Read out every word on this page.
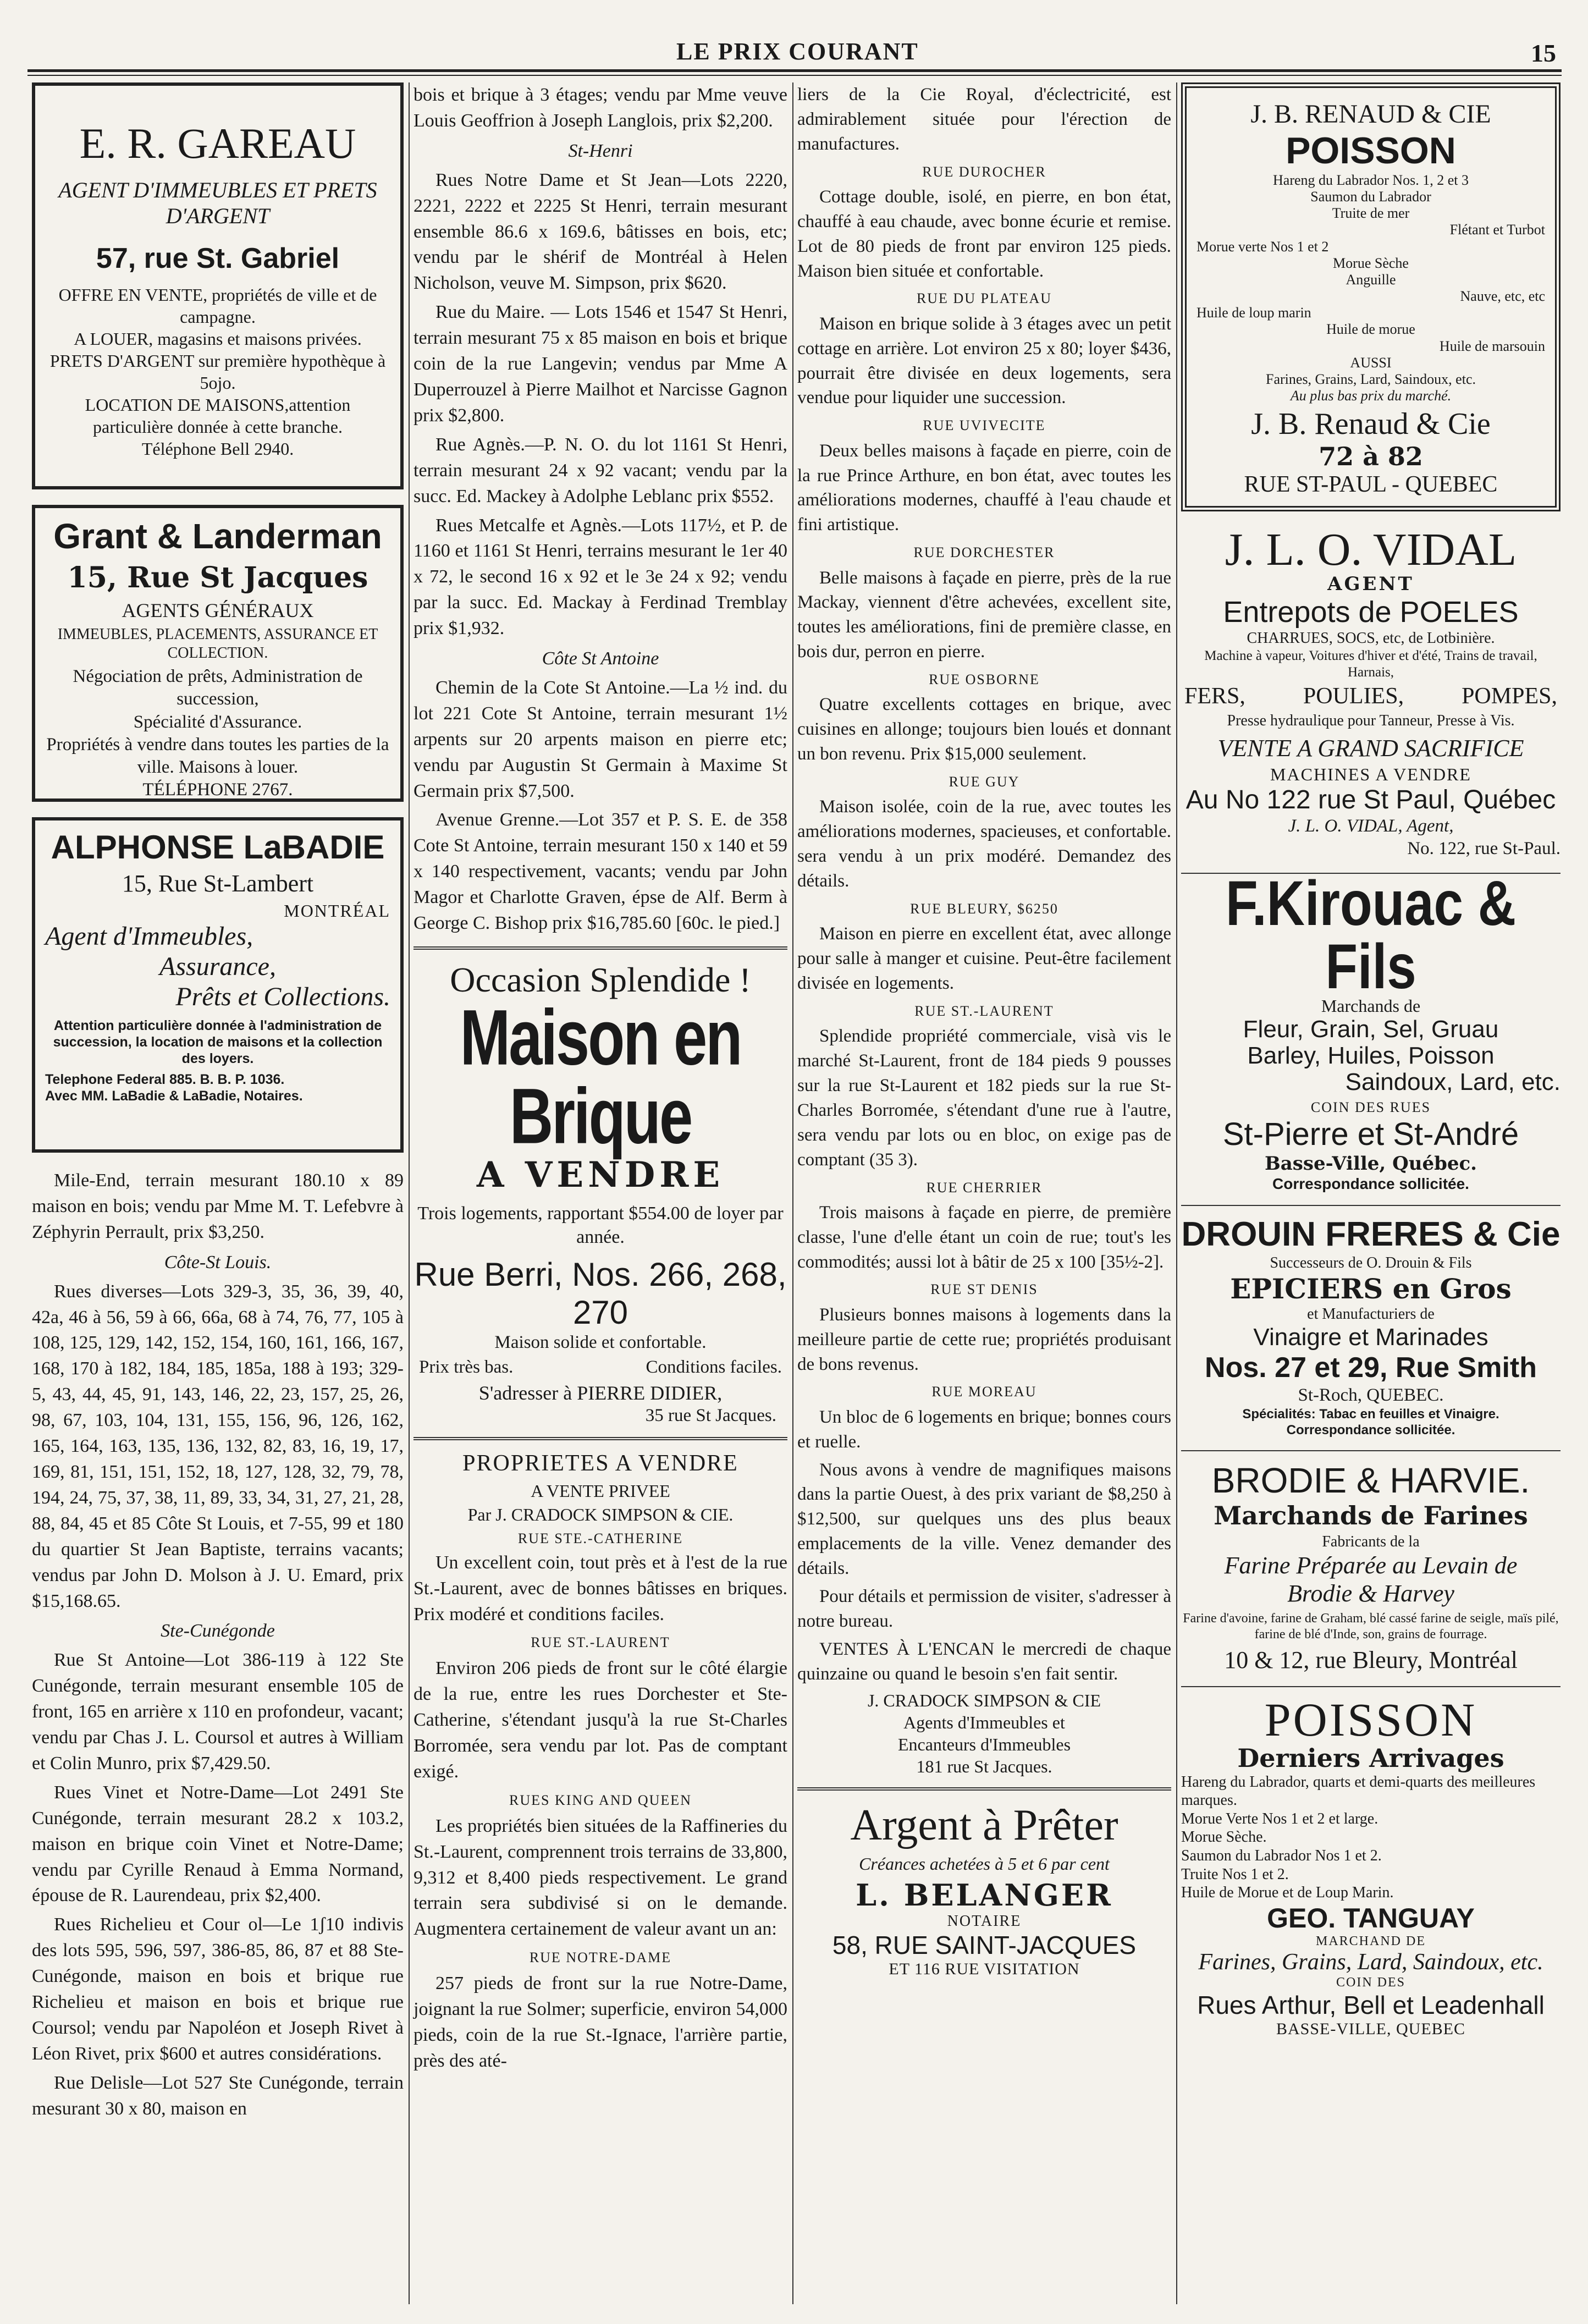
LE PRIX COURANT	15
E. R. GAREAU
AGENT D'IMMEUBLES ET PRETS D'ARGENT
57, rue St. Gabriel
OFFRE EN VENTE, propriétés de ville et de campagne.
A LOUER, magasins et maisons privées.
PRETS D'ARGENT sur première hypothèque à 5ojo.
LOCATION DE MAISONS,attention particulière donnée à cette branche.
Téléphone Bell 2940.
Grant & Landerman
15, Rue St Jacques
AGENTS GÉNÉRAUX
IMMEUBLES, PLACEMENTS, ASSURANCE ET COLLECTION.
Négociation de prêts, Administration de succession,
Spécialité d'Assurance.
Propriétés à vendre dans toutes les parties de la ville. Maisons à louer.
TÉLÉPHONE 2767.
ALPHONSE LaBADIE
15, Rue St-Lambert
MONTRÉAL
Agent d'Immeubles,
Assurance,
Prêts et Collections.
Attention particulière donnée à l'administration de succession, la location de maisons et la collection des loyers.
Telephone Federal 885. B. B. P. 1036.
Avec MM. LaBadie & LaBadie, Notaires.

Mile-End, terrain mesurant 180.10 x 89 maison en bois; vendu par Mme M. T. Lefebvre à Zéphyrin Perrault, prix $3,250.

Côte-St Louis.

Rues diverses—Lots 329-3, 35, 36, 39, 40, 42a, 46 à 56, 59 à 66, 66a, 68 à 74, 76, 77, 105 à 108, 125, 129, 142, 152, 154, 160, 161, 166, 167, 168, 170 à 182, 184, 185, 185a, 188 à 193; 329-5, 43, 44, 45, 91, 143, 146, 22, 23, 157, 25, 26, 98, 67, 103, 104, 131, 155, 156, 96, 126, 162, 165, 164, 163, 135, 136, 132, 82, 83, 16, 19, 17, 169, 81, 151, 151, 152, 18, 127, 128, 32, 79, 78, 194, 24, 75, 37, 38, 11, 89, 33, 34, 31, 27, 21, 28, 88, 84, 45 et 85 Côte St Louis, et 7-55, 99 et 180 du quartier St Jean Baptiste, terrains vacants; vendus par John D. Molson à J. U. Emard, prix $15,168.65.

Ste-Cunégonde

Rue St Antoine—Lot 386-119 à 122 Ste Cunégonde, terrain mesurant ensemble 105 de front, 165 en arrière x 110 en profondeur, vacant; vendu par Chas J. L. Coursol et autres à William et Colin Munro, prix $7,429.50.

Rues Vinet et Notre-Dame—Lot 2491 Ste Cunégonde, terrain mesurant 28.2 x 103.2, maison en brique coin Vinet et Notre-Dame; vendu par Cyrille Renaud à Emma Normand, épouse de R. Laurendeau, prix $2,400.

Rues Richelieu et Cour ol—Le 1ʃ10 indivis des lots 595, 596, 597, 386-85, 86, 87 et 88 Ste-Cunégonde, maison en bois et brique rue Richelieu et maison en bois et brique rue Coursol; vendu par Napoléon et Joseph Rivet à Léon Rivet, prix $600 et autres considérations.

Rue Delisle—Lot 527 Ste Cunégonde, terrain mesurant 30 x 80, maison en

bois et brique à 3 étages; vendu par Mme veuve Louis Geoffrion à Joseph Langlois, prix $2,200.

St-Henri

Rues Notre Dame et St Jean—Lots 2220, 2221, 2222 et 2225 St Henri, terrain mesurant ensemble 86.6 x 169.6, bâtisses en bois, etc; vendu par le shérif de Montréal à Helen Nicholson, veuve M. Simpson, prix $620.

Rue du Maire. — Lots 1546 et 1547 St Henri, terrain mesurant 75 x 85 maison en bois et brique coin de la rue Langevin; vendus par Mme A Duperrouzel à Pierre Mailhot et Narcisse Gagnon prix $2,800.

Rue Agnès.—P. N. O. du lot 1161 St Henri, terrain mesurant 24 x 92 vacant; vendu par la succ. Ed. Mackey à Adolphe Leblanc prix $552.

Rues Metcalfe et Agnès.—Lots 117½, et P. de 1160 et 1161 St Henri, terrains mesurant le 1er 40 x 72, le second 16 x 92 et le 3e 24 x 92; vendu par la succ. Ed. Mackay à Ferdinad Tremblay prix $1,932.

Côte St Antoine

Chemin de la Cote St Antoine.—La ½ ind. du lot 221 Cote St Antoine, terrain mesurant 1½ arpents sur 20 arpents maison en pierre etc; vendu par Augustin St Germain à Maxime St Germain prix $7,500.

Avenue Grenne.—Lot 357 et P. S. E. de 358 Cote St Antoine, terrain mesurant 150 x 140 et 59 x 140 respectivement, vacants; vendu par John Magor et Charlotte Graven, épse de Alf. Berm à George C. Bishop prix $16,785.60 [60c. le pied.]

Occasion Splendide !
Maison en Brique
A VENDRE
Trois logements, rapportant $554.00 de loyer par année.
Rue Berri, Nos. 266, 268, 270
Maison solide et confortable.
Prix très bas.	Conditions faciles.
S'adresser à PIERRE DIDIER,
35 rue St Jacques.
PROPRIETES A VENDRE
A VENTE PRIVEE
Par J. CRADOCK SIMPSON & CIE.
RUE STE.-CATHERINE

Un excellent coin, tout près et à l'est de la rue St.-Laurent, avec de bonnes bâtisses en briques. Prix modéré et conditions faciles.

RUE ST.-LAURENT

Environ 206 pieds de front sur le côté élargie de la rue, entre les rues Dorchester et Ste-Catherine, s'étendant jusqu'à la rue St-Charles Borromée, sera vendu par lot. Pas de comptant exigé.

RUES KING AND QUEEN

Les propriétés bien situées de la Raffineries du St.-Laurent, comprennent trois terrains de 33,800, 9,312 et 8,400 pieds respectivement. Le grand terrain sera subdivisé si on le demande. Augmentera certainement de valeur avant un an:

RUE NOTRE-DAME

257 pieds de front sur la rue Notre-Dame, joignant la rue Solmer; superficie, environ 54,000 pieds, coin de la rue St.-Ignace, l'arrière partie, près des até-

liers de la Cie Royal, d'éclectricité, est admirablement située pour l'érection de manufactures.

RUE DUROCHER

Cottage double, isolé, en pierre, en bon état, chauffé à eau chaude, avec bonne écurie et remise. Lot de 80 pieds de front par environ 125 pieds. Maison bien située et confortable.

RUE DU PLATEAU

Maison en brique solide à 3 étages avec un petit cottage en arrière. Lot environ 25 x 80; loyer $436, pourrait être divisée en deux logements, sera vendue pour liquider une succession.

RUE UVIVECITE

Deux belles maisons à façade en pierre, coin de la rue Prince Arthure, en bon état, avec toutes les améliorations modernes, chauffé à l'eau chaude et fini artistique.

RUE DORCHESTER

Belle maisons à façade en pierre, près de la rue Mackay, viennent d'être achevées, excellent site, toutes les améliorations, fini de première classe, en bois dur, perron en pierre.

RUE OSBORNE

Quatre excellents cottages en brique, avec cuisines en allonge; toujours bien loués et donnant un bon revenu. Prix $15,000 seulement.

RUE GUY

Maison isolée, coin de la rue, avec toutes les améliorations modernes, spacieuses, et confortable. sera vendu à un prix modéré. Demandez des détails.

RUE BLEURY, $6250

Maison en pierre en excellent état, avec allonge pour salle à manger et cuisine. Peut-être facilement divisée en logements.

RUE ST.-LAURENT

Splendide propriété commerciale, visà vis le marché St-Laurent, front de 184 pieds 9 pousses sur la rue St-Laurent et 182 pieds sur la rue St-Charles Borromée, s'étendant d'une rue à l'autre, sera vendu par lots ou en bloc, on exige pas de comptant (35 3).

RUE CHERRIER

Trois maisons à façade en pierre, de première classe, l'une d'elle étant un coin de rue; tout's les commodités; aussi lot à bâtir de 25 x 100 [35½-2].

RUE ST DENIS

Plusieurs bonnes maisons à logements dans la meilleure partie de cette rue; propriétés produisant de bons revenus.

RUE MOREAU

Un bloc de 6 logements en brique; bonnes cours et ruelle.

Nous avons à vendre de magnifiques maisons dans la partie Ouest, à des prix variant de $8,250 à $12,500, sur quelques uns des plus beaux emplacements de la ville. Venez demander des détails.

Pour détails et permission de visiter, s'adresser à notre bureau.

VENTES À L'ENCAN le mercredi de chaque quinzaine ou quand le besoin s'en fait sentir.

J. CRADOCK SIMPSON & CIE
Agents d'Immeubles et
Encanteurs d'Immeubles
181 rue St Jacques.
Argent à Prêter
Créances achetées à 5 et 6 par cent
L. BELANGER
NOTAIRE
58, RUE SAINT-JACQUES
ET 116 RUE VISITATION
J. B. RENAUD & CIE
POISSON
Hareng du Labrador Nos. 1, 2 et 3
Saumon du Labrador
Truite de mer
Flétant et Turbot
Morue verte Nos 1 et 2
Morue Sèche
Anguille
Nauve, etc, etc
Huile de loup marin
Huile de morue
Huile de marsouin
AUSSI
Farines, Grains, Lard, Saindoux, etc.
Au plus bas prix du marché.
J. B. Renaud & Cie
72 à 82
RUE ST-PAUL - QUEBEC
J. L. O. VIDAL
AGENT
Entrepots de POELES
CHARRUES, SOCS, etc, de Lotbinière.
Machine à vapeur, Voitures d'hiver et d'été, Trains de travail, Harnais,
FERS,	POULIES,	POMPES,
Presse hydraulique pour Tanneur, Presse à Vis.
VENTE A GRAND SACRIFICE
MACHINES A VENDRE
Au No 122 rue St Paul, Québec
J. L. O. VIDAL, Agent,
No. 122, rue St-Paul.
F.Kirouac & Fils
Marchands de
Fleur, Grain, Sel, Gruau
Barley, Huiles, Poisson
Saindoux, Lard, etc.
COIN DES RUES
St-Pierre et St-André
Basse-Ville, Québec.
Correspondance sollicitée.
DROUIN FRERES & Cie
Successeurs de O. Drouin & Fils
EPICIERS en Gros
et Manufacturiers de
Vinaigre et Marinades
Nos. 27 et 29, Rue Smith
St-Roch, QUEBEC.
Spécialités: Tabac en feuilles et Vinaigre.
Correspondance sollicitée.
BRODIE & HARVIE.
Marchands de Farines
Fabricants de la
Farine Préparée au Levain de
Brodie & Harvey
Farine d'avoine, farine de Graham, blé cassé farine de seigle, maïs pilé, farine de blé d'Inde, son, grains de fourrage.
10 & 12, rue Bleury, Montréal
POISSON
Derniers Arrivages
Hareng du Labrador, quarts et demi-quarts des meilleures marques.
Morue Verte Nos 1 et 2 et large.
Morue Sèche.
Saumon du Labrador Nos 1 et 2.
Truite Nos 1 et 2.
Huile de Morue et de Loup Marin.
GEO. TANGUAY
MARCHAND DE
Farines, Grains, Lard, Saindoux, etc.
COIN DES
Rues Arthur, Bell et Leadenhall
BASSE-VILLE, QUEBEC
